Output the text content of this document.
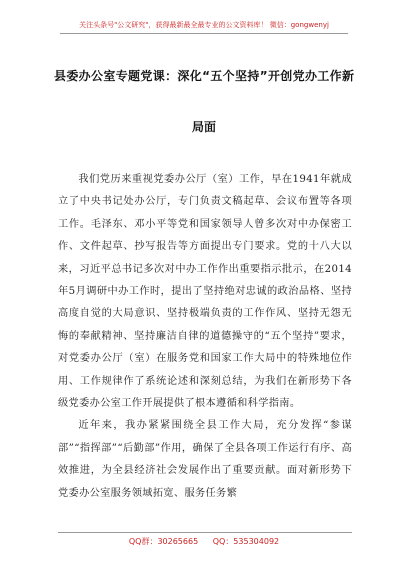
关注头条号"公文研究"，获得最新最全最专业的公文资料库！ 微信：gongwenyj
县委办公室专题党课：深化“五个坚持”开创党办工作新
局面

我们党历来重视党委办公厅（室）工作，早在1941年就成立了中央书记处办公厅，专门负责文稿起草、会议布置等各项工作。毛泽东、邓小平等党和国家领导人曾多次对中办保密工作、文件起草、抄写报告等方面提出专门要求。党的十八大以来，习近平总书记多次对中办工作作出重要指示批示，在2014年5月调研中办工作时，提出了坚持绝对忠诚的政治品格、坚持高度自觉的大局意识、坚持极端负责的工作作风、坚持无怨无悔的奉献精神、坚持廉洁自律的道德操守的“五个坚持”要求，对党委办公厅（室）在服务党和国家工作大局中的特殊地位作用、工作规律作了系统论述和深刻总结，为我们在新形势下各级党委办公室工作开展提供了根本遵循和科学指南。

近年来，我办紧紧围绕全县工作大局，充分发挥“参谋部”“指挥部”“后勤部”作用，确保了全县各项工作运行有序、高效推进，为全县经济社会发展作出了重要贡献。面对新形势下党委办公室服务领域拓宽、服务任务繁

QQ群：30265665 QQ：535304092
